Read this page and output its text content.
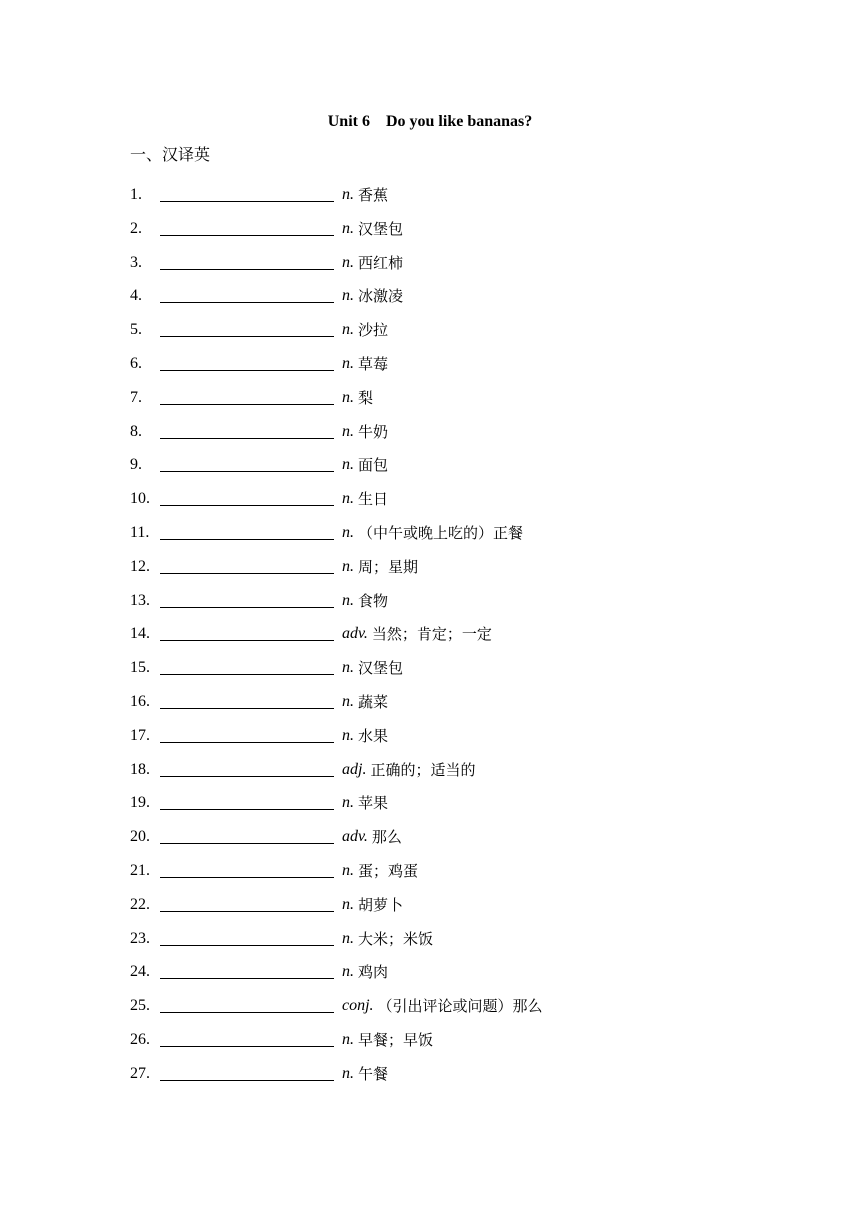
Unit 6    Do you like bananas?
一、汉译英
1.	n. 香蕉
2.	n. 汉堡包
3.	n. 西红柿
4.	n. 冰激凌
5.	n. 沙拉
6.	n. 草莓
7.	n. 梨
8.	n. 牛奶
9.	n. 面包
10.	n. 生日
11.	n. （中午或晚上吃的）正餐
12.	n. 周；星期
13.	n. 食物
14.	adv. 当然；肯定；一定
15.	n. 汉堡包
16.	n. 蔬菜
17.	n. 水果
18.	adj. 正确的；适当的
19.	n. 苹果
20.	adv. 那么
21.	n. 蛋；鸡蛋
22.	n. 胡萝卜
23.	n. 大米；米饭
24.	n. 鸡肉
25.	conj. （引出评论或问题）那么
26.	n. 早餐；早饭
27.	n. 午餐
